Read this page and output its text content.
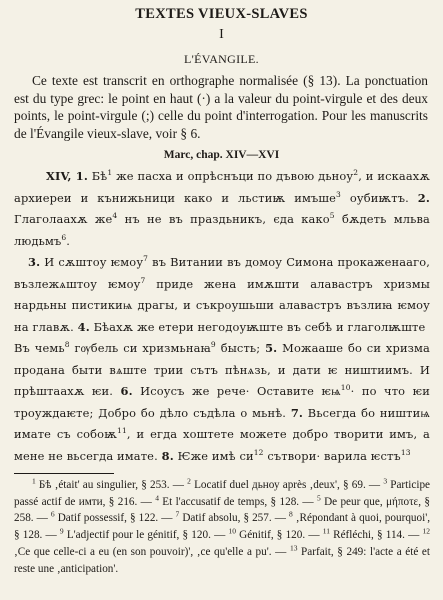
TEXTES VIEUX-SLAVES
I
L'ÉVANGILE.

Ce texte est transcrit en orthographe normalisée (§ 13). La ponctuation est du type grec: le point en haut (·) a la valeur du point-virgule et des deux points, le point-virgule (;) celle du point d'interrogation. Pour les manuscrits de l'Évangile vieux-slave, voir § 6.

Marc, chap. XIV—XVI

XIV, 1. $Бѣ^1$ же пасха и опрѣснъци по дъвою дьноу$^2$, и искаахѫ архиереи и кънижьници како и льстиѭ имъше$^3$ оубиѭтъ. 2. Глаголаахѫ $же^4$ нъ не въ праздьникъ, єда како$^5$ бѫдеть мльва людьмъ$^6$.

3. И сѫштоу ѥмоу$^7$ въ Витании въ домоу Симона прокаженааго, възлежѧштоу ѥмоу$^7$ приде жена имѫшти алавастръ хризмы нардьны пистикиѩ драгы, и съкроушьши алавастръ възлиꙗ ѥмоу на главѫ. 4. Бѣахѫ же етери негодоуѭште въ себѣ и глаголѭште
Въ чемь$^8$ гѹбель си хризмьнаꙗ$^9$ бысть; 5. Можааше бо си хризма продана быти вѧште трии сътъ пѣнѧзь, и дати ѥ ништиимъ. И прѣштаахѫ ѥи. 6. Исоусъ же рече· Оставите $ѥѩ^{10}\cdot$ по что ѥи троуждаѥте; Добро бо дѣло съдѣла о мьнѣ. 7. Вьсегда бо ништиѩ имате съ собоѭ$^{11}$, и егда хоштете можете добро творити имъ, а мене не вьсегда имате. 8. Ѥже имѣ $си^{12}$ сътвори· варила ѥстъ$^{13}$

$^1$ Бѣ ‚était' au singulier, § 253. — $^2$ Locatif duel дьноу après ‚deux', § 69. — $^3$ Participe passé actif de имти, § 216. — $^4$ Et l'accusatif de temps, § 128. — $^5$ De peur que, μήποτε, § 258. — $^6$ Datif possessif, § 122. — $^7$ Datif absolu, § 257. — $^8$ ‚Répondant à quoi, pourquoi', § 128. — $^9$ L'adjectif pour le génitif, § 120. — $^{10}$ Génitif, § 120. — $^{11}$ Réfléchi, § 114. — $^{12}$ ‚Ce que celle-ci a eu (en son pouvoir)', ‚ce qu'elle a pu'. — $^{13}$ Parfait, § 249: l'acte a été et reste une ‚anticipation'.
